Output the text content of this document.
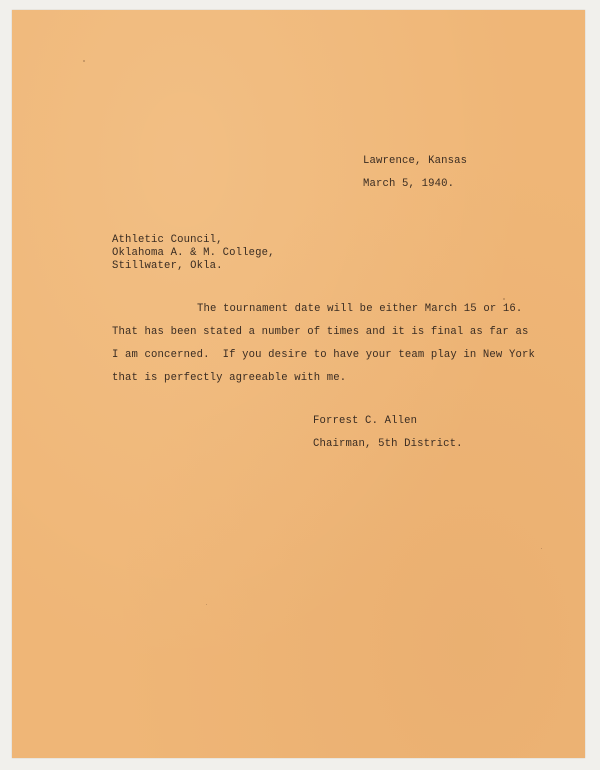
Lawrence, Kansas
March 5, 1940.
Athletic Council,
Oklahoma A. & M. College,
Stillwater, Okla.
The tournament date will be either March 15 or 16.
That has been stated a number of times and it is final as far as
I am concerned.  If you desire to have your team play in New York
that is perfectly agreeable with me.
Forrest C. Allen
Chairman, 5th District.
